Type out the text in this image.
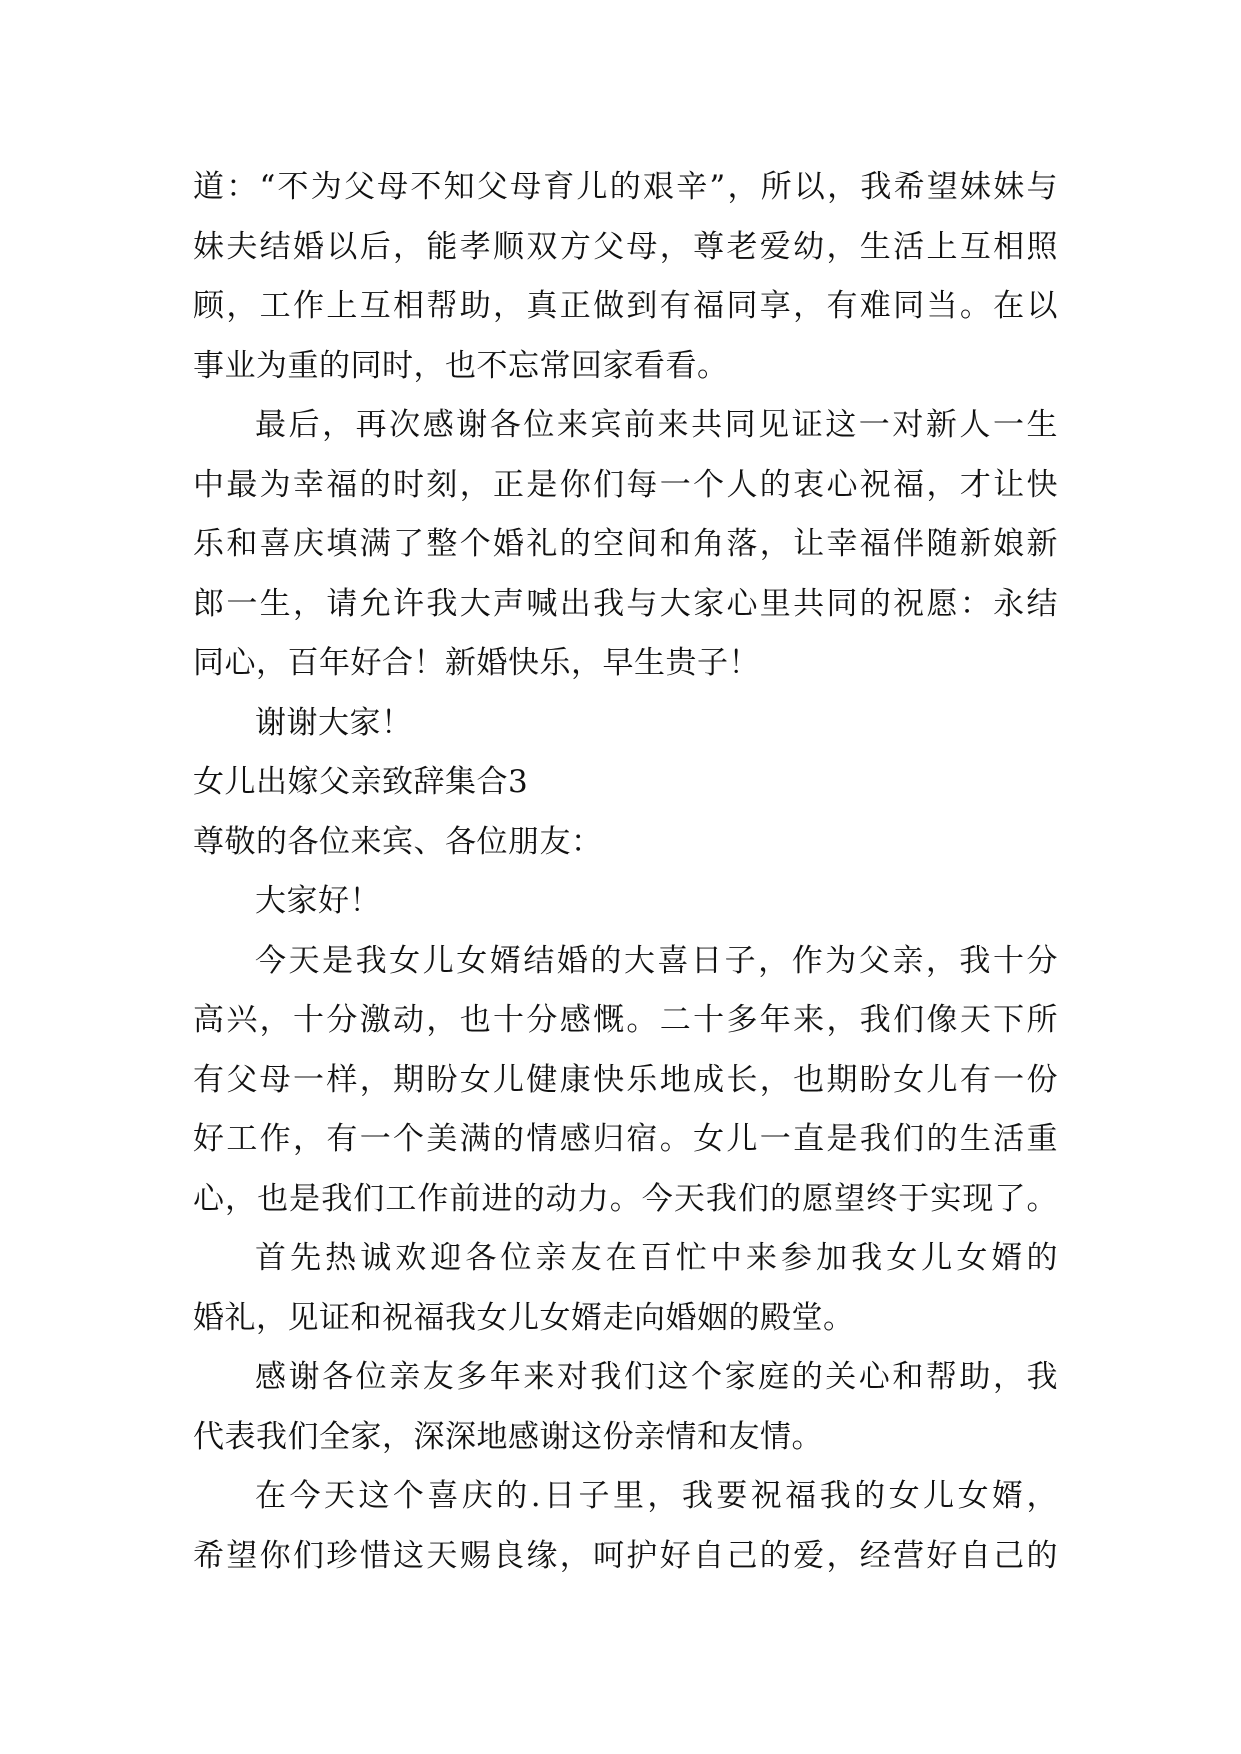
道：“不为父母不知父母育儿的艰辛”，所以，我希望妹妹与
妹夫结婚以后，能孝顺双方父母，尊老爱幼，生活上互相照
顾，工作上互相帮助，真正做到有福同享，有难同当。在以
事业为重的同时，也不忘常回家看看。
最后，再次感谢各位来宾前来共同见证这一对新人一生
中最为幸福的时刻，正是你们每一个人的衷心祝福，才让快
乐和喜庆填满了整个婚礼的空间和角落，让幸福伴随新娘新
郎一生，请允许我大声喊出我与大家心里共同的祝愿：永结
同心，百年好合！新婚快乐，早生贵子！
谢谢大家！
女儿出嫁父亲致辞集合3
尊敬的各位来宾、各位朋友：
大家好！
今天是我女儿女婿结婚的大喜日子，作为父亲，我十分
高兴，十分激动，也十分感慨。二十多年来，我们像天下所
有父母一样，期盼女儿健康快乐地成长，也期盼女儿有一份
好工作，有一个美满的情感归宿。女儿一直是我们的生活重
心，也是我们工作前进的动力。今天我们的愿望终于实现了。
首先热诚欢迎各位亲友在百忙中来参加我女儿女婿的
婚礼，见证和祝福我女儿女婿走向婚姻的殿堂。
感谢各位亲友多年来对我们这个家庭的关心和帮助，我
代表我们全家，深深地感谢这份亲情和友情。
在今天这个喜庆的.日子里，我要祝福我的女儿女婿，
希望你们珍惜这天赐良缘，呵护好自己的爱，经营好自己的
